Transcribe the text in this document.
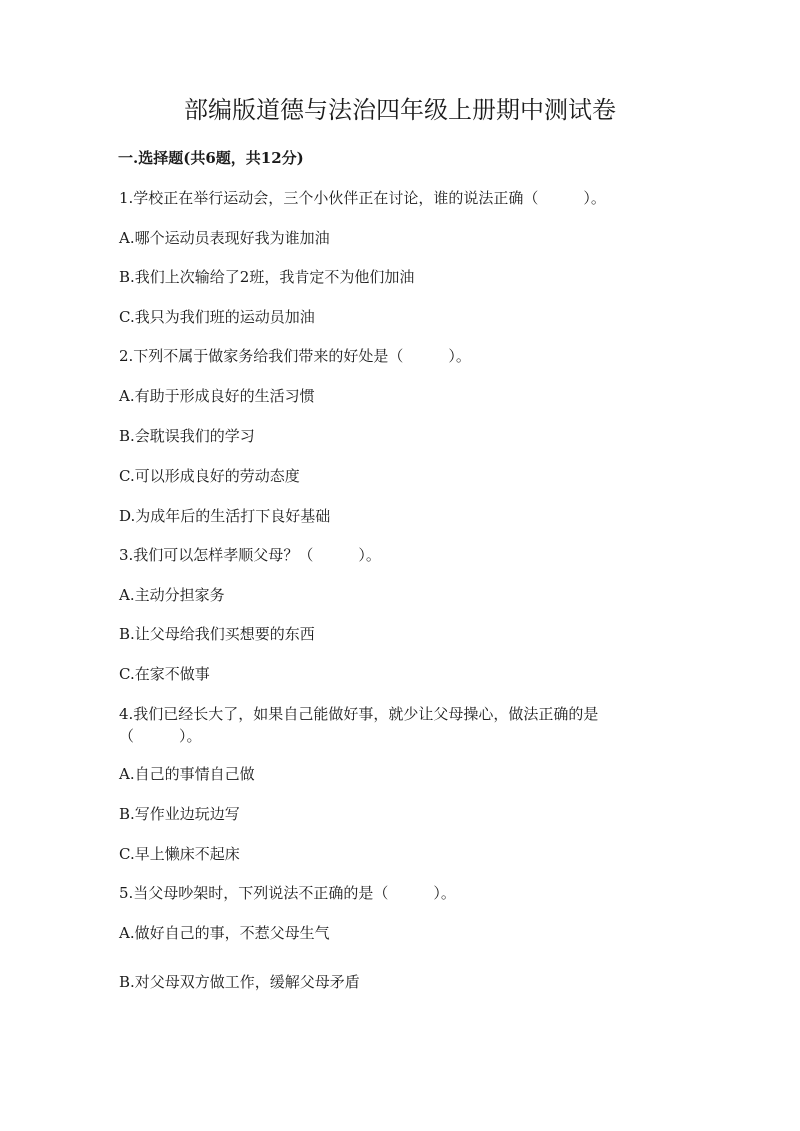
部编版道德与法治四年级上册期中测试卷
一.选择题(共6题，共12分)
1.学校正在举行运动会，三个小伙伴正在讨论，谁的说法正确（　　　）。
A.哪个运动员表现好我为谁加油
B.我们上次输给了2班，我肯定不为他们加油
C.我只为我们班的运动员加油
2.下列不属于做家务给我们带来的好处是（　　　）。
A.有助于形成良好的生活习惯
B.会耽误我们的学习
C.可以形成良好的劳动态度
D.为成年后的生活打下良好基础
3.我们可以怎样孝顺父母？（　　　）。
A.主动分担家务
B.让父母给我们买想要的东西
C.在家不做事
4.我们已经长大了，如果自己能做好事，就少让父母操心，做法正确的是（　　　）。
A.自己的事情自己做
B.写作业边玩边写
C.早上懒床不起床
5.当父母吵架时，下列说法不正确的是（　　　）。
A.做好自己的事，不惹父母生气
B.对父母双方做工作，缓解父母矛盾
